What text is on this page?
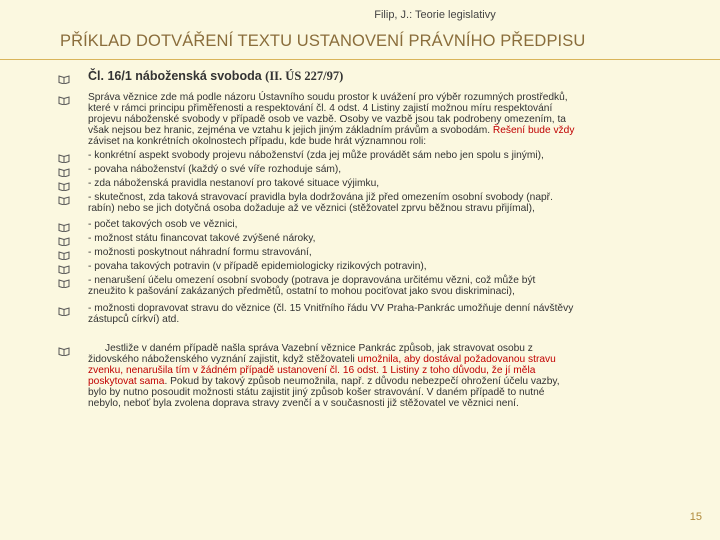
Filip, J.: Teorie legislativy
PŘÍKLAD DOTVÁŘENÍ TEXTU USTANOVENÍ PRÁVNÍHO PŘEDPISU
Čl. 16/1 náboženská svoboda (II. ÚS 227/97)
Správa věznice zde má podle názoru Ústavního soudu prostor k uvážení pro výběr rozumných prostředků,
které v rámci principu přiměřenosti a respektování čl. 4 odst. 4 Listiny zajistí možnou míru respektování
projevu náboženské svobody v případě osob ve vazbě. Osoby ve vazbě jsou tak podrobeny omezením, ta
však nejsou bez hranic, zejména ve vztahu k jejich jiným základním právům a svobodám. Řešení bude vždy
záviset na konkrétních okolnostech případu, kde bude hrát významnou roli:
- konkrétní aspekt svobody projevu náboženství (zda jej může provádět sám nebo jen spolu s jinými),
- povaha náboženství (každý o své víře rozhoduje sám),
- zda náboženská pravidla nestanoví pro takové situace výjimku,
- skutečnost, zda taková stravovací pravidla byla dodržována již před omezením osobní svobody (např.
rabín) nebo se jich dotyčná osoba dožaduje až ve věznici (stěžovatel zprvu běžnou stravu přijímal),
- počet takových osob ve věznici,
- možnost státu financovat takové zvýšené nároky,
- možnosti poskytnout náhradní formu stravování,
- povaha takových potravin (v případě epidemiologicky rizikových potravin),
- nenarušení účelu omezení osobní svobody (potrava je dopravována určitému vězni, což může být
zneužito k pašování zakázaných předmětů, ostatní to mohou pociťovat jako svou diskriminaci),
- možnosti dopravovat stravu do věznice (čl. 15 Vnitřního řádu VV Praha-Pankrác umožňuje denní návštěvy
zástupců církví) atd.
Jestliže v daném případě našla správa Vazební věznice Pankrác způsob, jak stravovat osobu z
židovského náboženského vyznání zajistit, když stěžovateli umožnila, aby dostával požadovanou stravu
zvenku, nenarušila tím v žádném případě ustanovení čl. 16 odst. 1 Listiny z toho důvodu, že jí měla
poskytovat sama. Pokud by takový způsob neumožnila, např. z důvodu nebezpečí ohrožení účelu vazby,
bylo by nutno posoudit možnosti státu zajistit jiný způsob košer stravování. V daném případě to nutné
nebylo, neboť byla zvolena doprava stravy zvenčí a v současnosti již stěžovatel ve věznici není.
15
